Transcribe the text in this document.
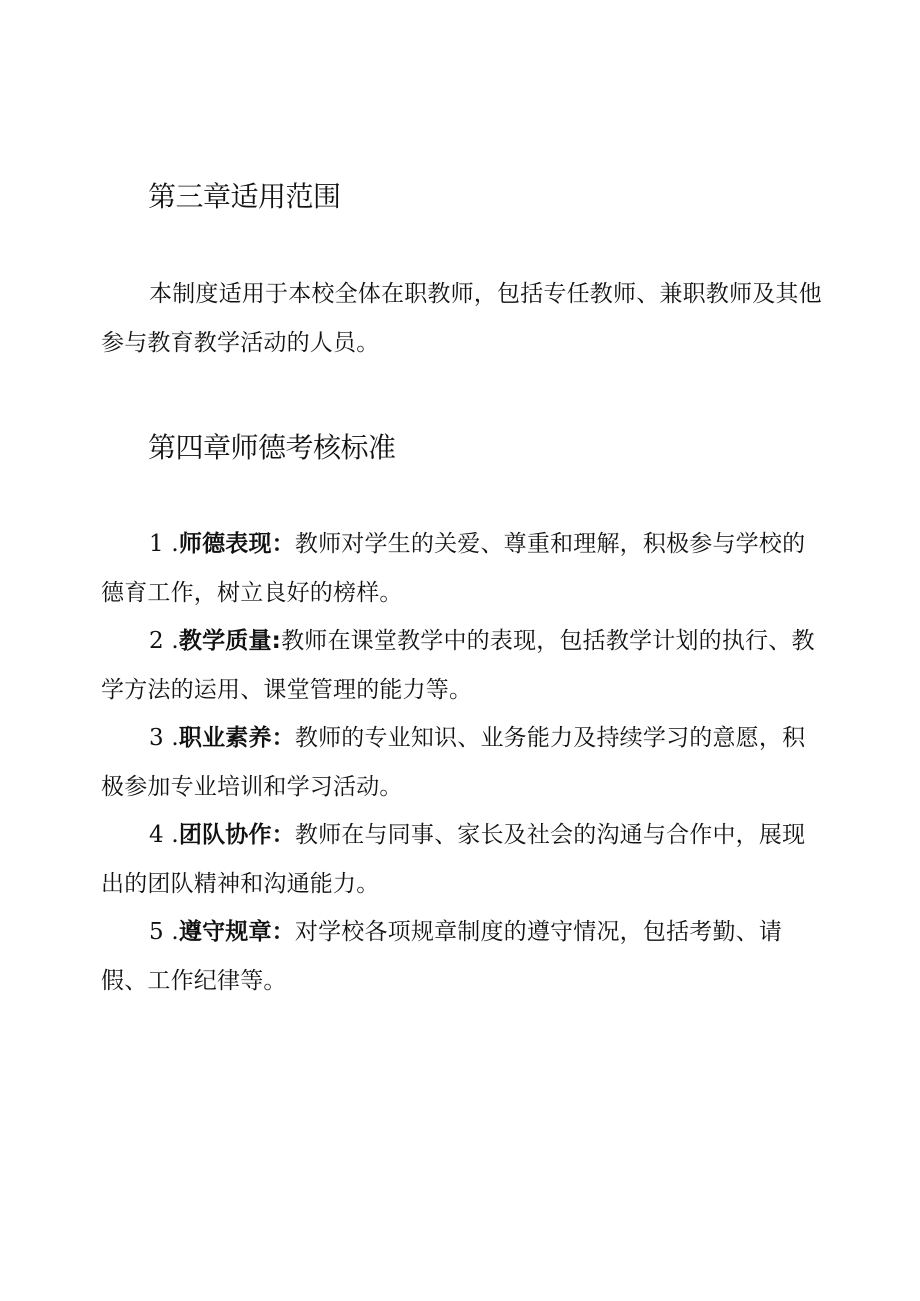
第三章适用范围

本制度适用于本校全体在职教师，包括专任教师、兼职教师及其他
参与教育教学活动的人员。

第四章师德考核标准

1 .师德表现：教师对学生的关爱、尊重和理解，积极参与学校的
德育工作，树立良好的榜样。

2 .教学质量:教师在课堂教学中的表现，包括教学计划的执行、教
学方法的运用、课堂管理的能力等。

3 .职业素养：教师的专业知识、业务能力及持续学习的意愿，积
极参加专业培训和学习活动。

4 .团队协作：教师在与同事、家长及社会的沟通与合作中，展现
出的团队精神和沟通能力。

5 .遵守规章：对学校各项规章制度的遵守情况，包括考勤、请
假、工作纪律等。
